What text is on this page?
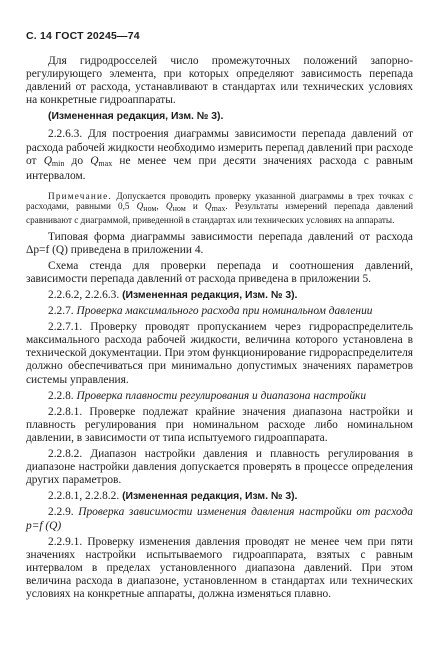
С. 14 ГОСТ 20245—74

Для гидродросселей число промежуточных положений запорно-регулирующего элемента, при которых определяют зависимость перепада давлений от расхода, устанавливают в стандартах или технических условиях на конкретные гидроаппараты.

(Измененная редакция, Изм. № 3).

2.2.6.3. Для построения диаграммы зависимости перепада давлений от расхода рабочей жидкости необходимо измерить перепад давлений при расходе от $Q_{min}$ до $Q_{max}$ не менее чем при десяти значениях расхода с равным интервалом.

Примечание. Допускается проводить проверку указанной диаграммы в трех точках с расходами, равными 0,5 Qном, Qном и Qmax. Результаты измерений перепада давлений сравнивают с диаграммой, приведенной в стандартах или технических условиях на аппараты.

Типовая форма диаграммы зависимости перепада давлений от расхода Δp=f (Q) приведена в приложении 4.

Схема стенда для проверки перепада и соотношения давлений, зависимости перепада давлений от расхода приведена в приложении 5.

2.2.6.2, 2.2.6.3. (Измененная редакция, Изм. № 3).

2.2.7. Проверка максимального расхода при номинальном давлении

2.2.7.1. Проверку проводят пропусканием через гидрораспределитель максимального расхода рабочей жидкости, величина которого установлена в технической документации. При этом функционирование гидрораспределителя должно обеспечиваться при минимально допустимых значениях параметров системы управления.

2.2.8. Проверка плавности регулирования и диапазона настройки

2.2.8.1. Проверке подлежат крайние значения диапазона настройки и плавность регулирования при номинальном расходе либо номинальном давлении, в зависимости от типа испытуемого гидроаппарата.

2.2.8.2. Диапазон настройки давления и плавность регулирования в диапазоне настройки давления допускается проверять в процессе определения других параметров.

2.2.8.1, 2.2.8.2. (Измененная редакция, Изм. № 3).

2.2.9. Проверка зависимости изменения давления настройки от расхода p=f (Q)

2.2.9.1. Проверку изменения давления проводят не менее чем при пяти значениях настройки испытываемого гидроаппарата, взятых с равным интервалом в пределах установленного диапазона давлений. При этом величина расхода в диапазоне, установленном в стандартах или технических условиях на конкретные аппараты, должна изменяться плавно.
